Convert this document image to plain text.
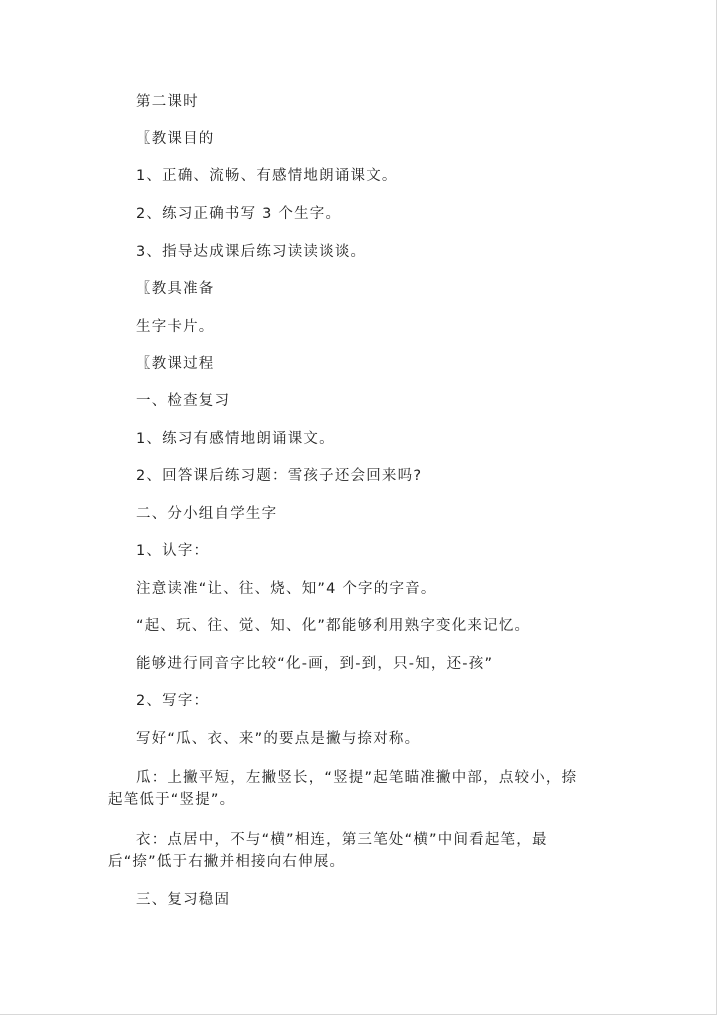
第二课时
〖教课目的
1、正确、流畅、有感情地朗诵课文。
2、练习正确书写 3 个生字。
3、指导达成课后练习读读谈谈。
〖教具准备
生字卡片。
〖教课过程
一、检查复习
1、练习有感情地朗诵课文。
2、回答课后练习题：雪孩子还会回来吗?
二、分小组自学生字
1、认字：
注意读准“让、往、烧、知”4 个字的字音。
“起、玩、往、觉、知、化”都能够利用熟字变化来记忆。
能够进行同音字比较“化-画，到-到，只-知，还-孩”
2、写字：
写好“瓜、衣、来”的要点是撇与捺对称。
瓜：上撇平短，左撇竖长，“竖提”起笔瞄准撇中部，点较小，捺起笔低于“竖提”。
衣：点居中，不与“横”相连，第三笔处“横”中间看起笔，最后“捺”低于右撇并相接向右伸展。
三、复习稳固
